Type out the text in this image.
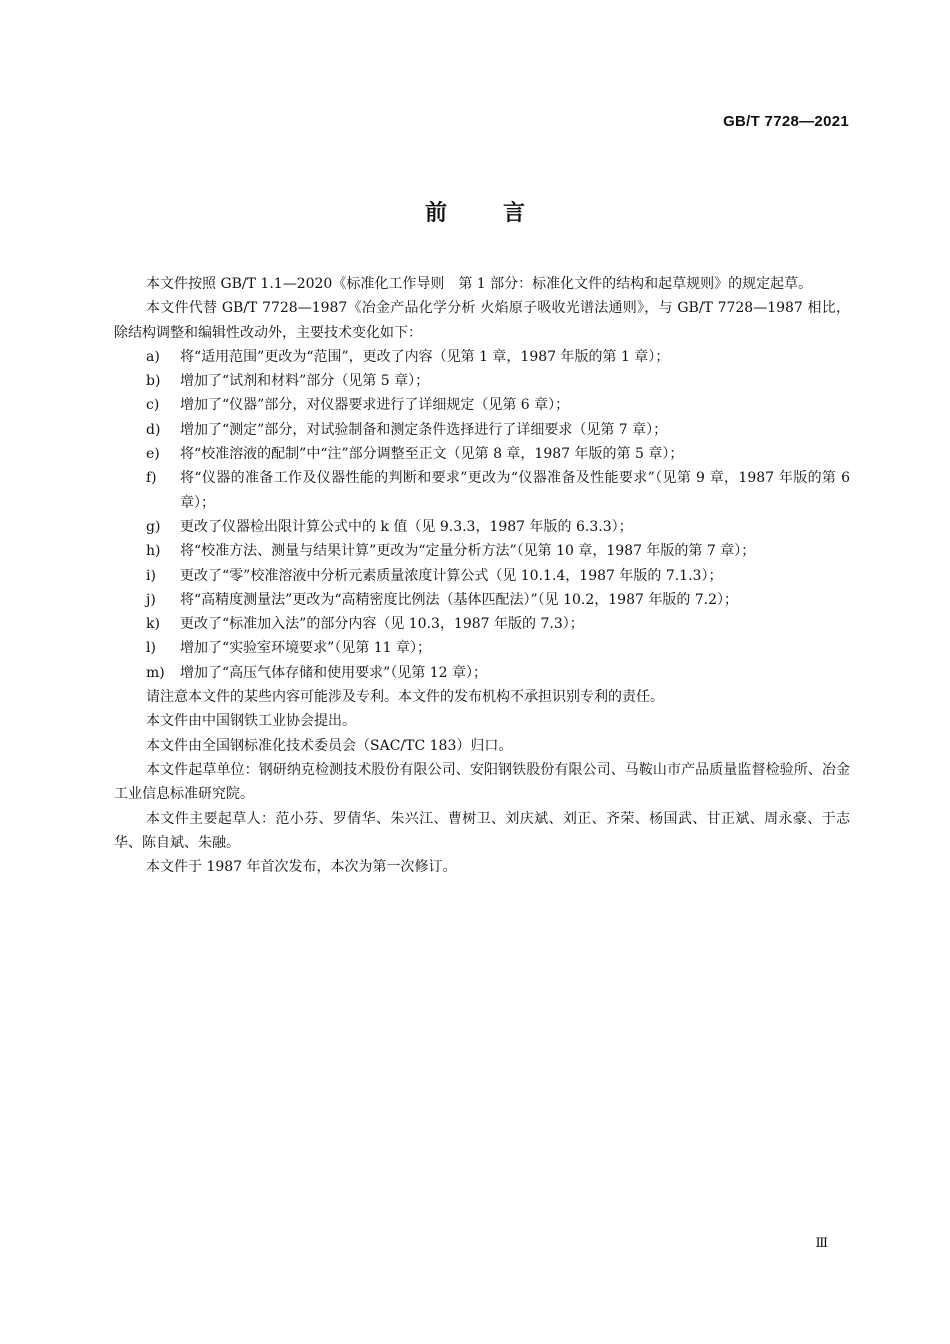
GB/T 7728—2021
前言

本文件按照 GB/T 1.1—2020《标准化工作导则　第 1 部分：标准化文件的结构和起草规则》的规定起草。

本文件代替 GB/T 7728—1987《冶金产品化学分析 火焰原子吸收光谱法通则》，与 GB/T 7728—1987 相比，除结构调整和编辑性改动外，主要技术变化如下：

a) 将“适用范围”更改为“范围”，更改了内容（见第 1 章，1987 年版的第 1 章）；
b) 增加了“试剂和材料”部分（见第 5 章）；
c) 增加了“仪器”部分，对仪器要求进行了详细规定（见第 6 章）；
d) 增加了“测定”部分，对试验制备和测定条件选择进行了详细要求（见第 7 章）；
e) 将“校准溶液的配制”中“注”部分调整至正文（见第 8 章，1987 年版的第 5 章）；
f) 将“仪器的准备工作及仪器性能的判断和要求”更改为“仪器准备及性能要求”（见第 9 章，1987 年版的第 6 章）；
g) 更改了仪器检出限计算公式中的 k 值（见 9.3.3，1987 年版的 6.3.3）；
h) 将“校准方法、测量与结果计算”更改为“定量分析方法”（见第 10 章，1987 年版的第 7 章）；
i) 更改了“零”校准溶液中分析元素质量浓度计算公式（见 10.1.4，1987 年版的 7.1.3）；
j) 将“高精度测量法”更改为“高精密度比例法（基体匹配法）”（见 10.2，1987 年版的 7.2）；
k) 更改了“标准加入法”的部分内容（见 10.3，1987 年版的 7.3）；
l) 增加了“实验室环境要求”（见第 11 章）；
m) 增加了“高压气体存储和使用要求”（见第 12 章）；

请注意本文件的某些内容可能涉及专利。本文件的发布机构不承担识别专利的责任。

本文件由中国钢铁工业协会提出。

本文件由全国钢标准化技术委员会（SAC/TC 183）归口。

本文件起草单位：钢研纳克检测技术股份有限公司、安阳钢铁股份有限公司、马鞍山市产品质量监督检验所、冶金工业信息标准研究院。

本文件主要起草人：范小芬、罗倩华、朱兴江、曹树卫、刘庆斌、刘正、齐荣、杨国武、甘正斌、周永豪、于志华、陈自斌、朱融。

本文件于 1987 年首次发布，本次为第一次修订。

Ⅲ
